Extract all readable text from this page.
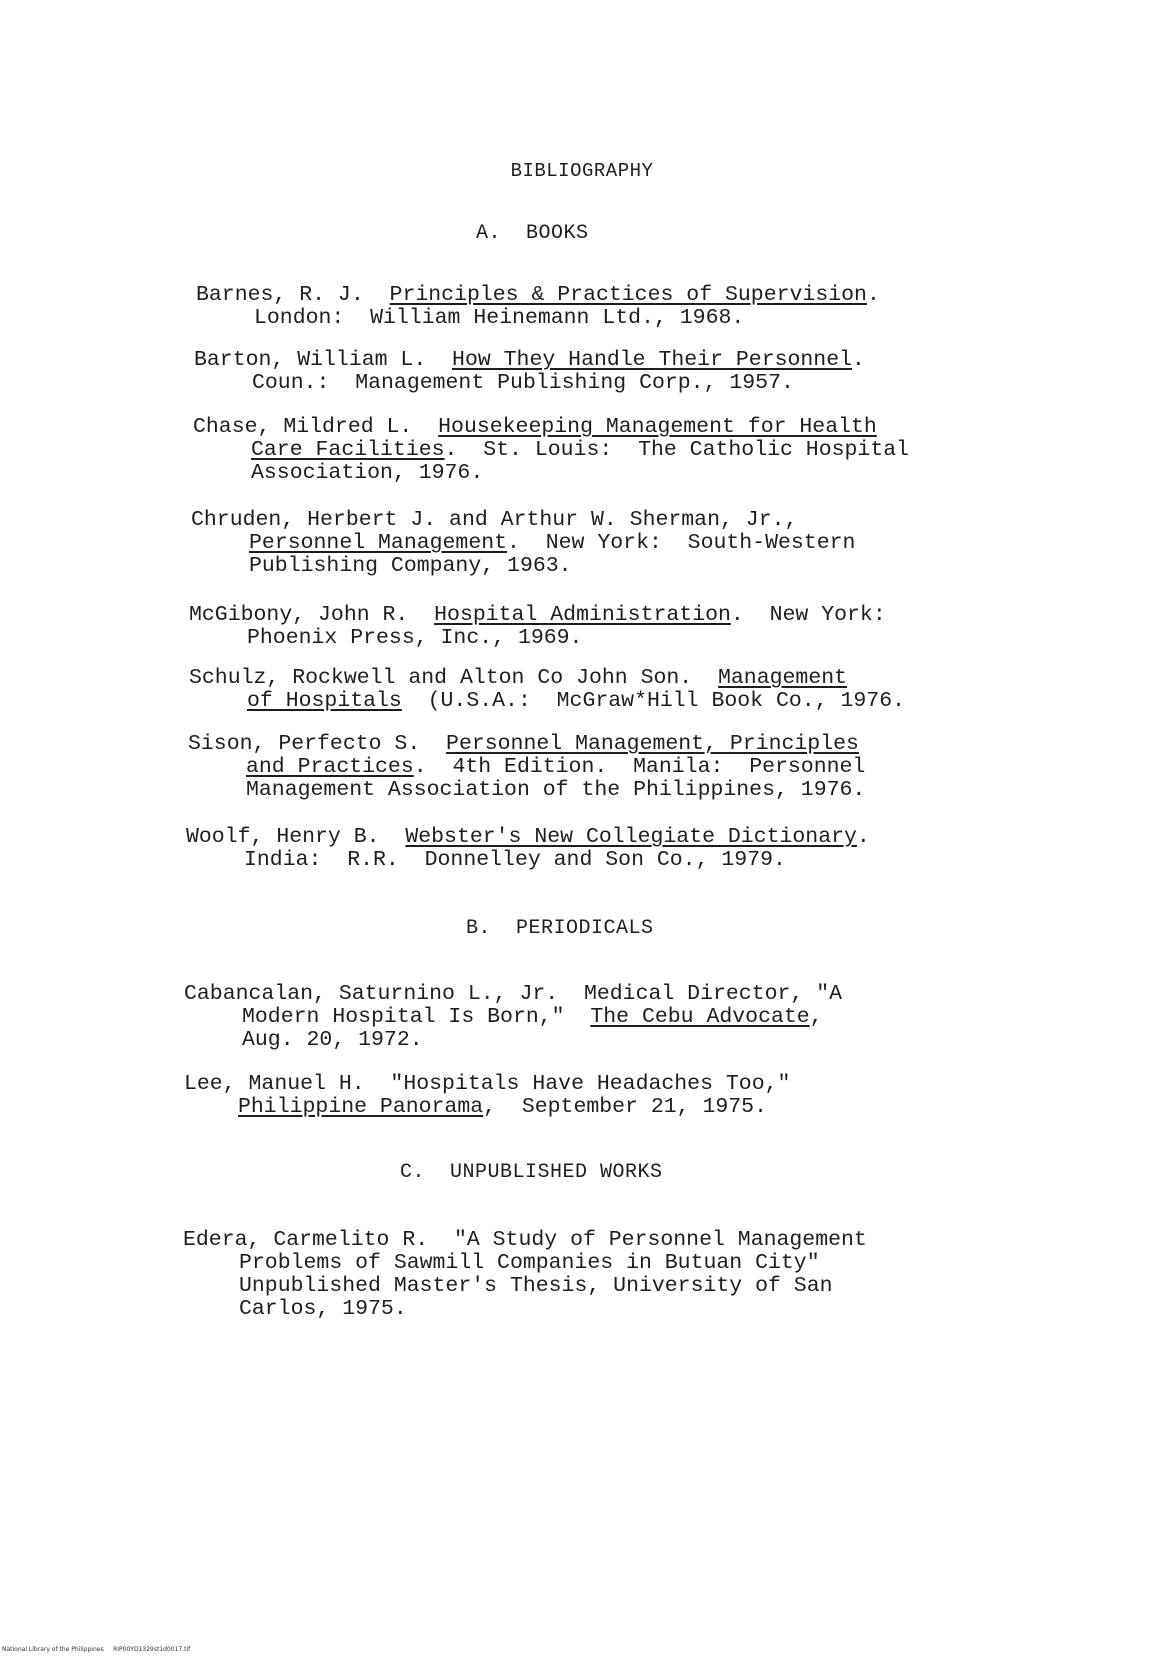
BIBLIOGRAPHY
A.  BOOKS
Barnes, R. J.  Principles & Practices of Supervision.
London:  William Heinemann Ltd., 1968.
Barton, William L.  How They Handle Their Personnel.
Coun.:  Management Publishing Corp., 1957.
Chase, Mildred L.  Housekeeping Management for Health
Care Facilities.  St. Louis:  The Catholic Hospital
Association, 1976.
Chruden, Herbert J. and Arthur W. Sherman, Jr.,
Personnel Management.  New York:  South-Western
Publishing Company, 1963.
McGibony, John R.  Hospital Administration.  New York:
Phoenix Press, Inc., 1969.
Schulz, Rockwell and Alton Co John Son.  Management
of Hospitals  (U.S.A.:  McGraw*Hill Book Co., 1976.
Sison, Perfecto S.  Personnel Management, Principles
and Practices.  4th Edition.  Manila:  Personnel
Management Association of the Philippines, 1976.
Woolf, Henry B.  Webster's New Collegiate Dictionary.
India:  R.R.  Donnelley and Son Co., 1979.
B.  PERIODICALS
Cabancalan, Saturnino L., Jr.  Medical Director, "A
Modern Hospital Is Born,"  The Cebu Advocate,
Aug. 20, 1972.
Lee, Manuel H.  "Hospitals Have Headaches Too,"
Philippine Panorama,  September 21, 1975.
C.  UNPUBLISHED WORKS
Edera, Carmelito R.  "A Study of Personnel Management
Problems of Sawmill Companies in Butuan City"
Unpublished Master's Thesis, University of San
Carlos, 1975.
National Library of the Philippines     RIP00YD1329st1d0017.tif
